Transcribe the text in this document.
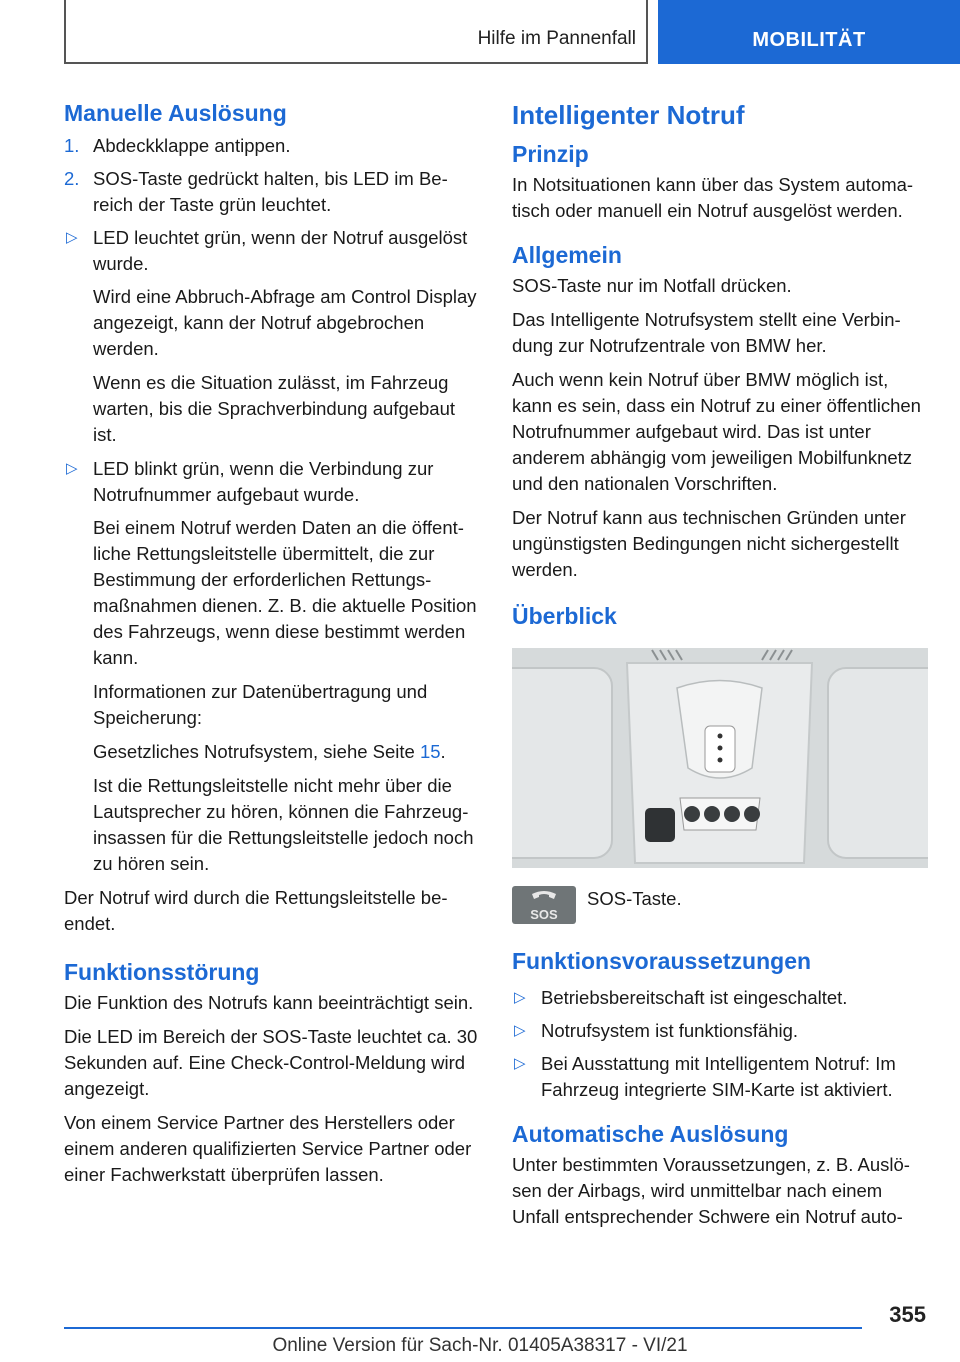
Hilfe im Pannenfall	MOBILITÄT
Manuelle Auslösung
1. Abdeckklappe antippen.
2. SOS-Taste gedrückt halten, bis LED im Bereich der Taste grün leuchtet.
▷ LED leuchtet grün, wenn der Notruf ausgelöst wurde.

Wird eine Abbruch-Abfrage am Control Display angezeigt, kann der Notruf abgebrochen werden.

Wenn es die Situation zulässt, im Fahrzeug warten, bis die Sprachverbindung aufgebaut ist.

▷ LED blinkt grün, wenn die Verbindung zur Notrufnummer aufgebaut wurde.

Bei einem Notruf werden Daten an die öffentliche Rettungsleitstelle übermittelt, die zur Bestimmung der erforderlichen Rettungsmaßnahmen dienen. Z. B. die aktuelle Position des Fahrzeugs, wenn diese bestimmt werden kann.

Informationen zur Datenübertragung und Speicherung:

Gesetzliches Notrufsystem, siehe Seite 15.

Ist die Rettungsleitstelle nicht mehr über die Lautsprecher zu hören, können die Fahrzeuginsassen für die Rettungsleitstelle jedoch noch zu hören sein.

Der Notruf wird durch die Rettungsleitstelle beendet.

Funktionsstörung

Die Funktion des Notrufs kann beeinträchtigt sein.

Die LED im Bereich der SOS-Taste leuchtet ca. 30 Sekunden auf. Eine Check-Control-Meldung wird angezeigt.

Von einem Service Partner des Herstellers oder einem anderen qualifizierten Service Partner oder einer Fachwerkstatt überprüfen lassen.

Intelligenter Notruf
Prinzip

In Notsituationen kann über das System automatisch oder manuell ein Notruf ausgelöst werden.

Allgemein

SOS-Taste nur im Notfall drücken.

Das Intelligente Notrufsystem stellt eine Verbindung zur Notrufzentrale von BMW her.

Auch wenn kein Notruf über BMW möglich ist, kann es sein, dass ein Notruf zu einer öffentlichen Notrufnummer aufgebaut wird. Das ist unter anderem abhängig vom jeweiligen Mobilfunknetz und den nationalen Vorschriften.

Der Notruf kann aus technischen Gründen unter ungünstigsten Bedingungen nicht sichergestellt werden.

Überblick
SOS
SOS-Taste.
Funktionsvoraussetzungen
▷ Betriebsbereitschaft ist eingeschaltet.
▷ Notrufsystem ist funktionsfähig.
▷ Bei Ausstattung mit Intelligentem Notruf: Im Fahrzeug integrierte SIM-Karte ist aktiviert.
Automatische Auslösung

Unter bestimmten Voraussetzungen, z. B. Auslösen der Airbags, wird unmittelbar nach einem Unfall entsprechender Schwere ein Notruf auto-

355
Online Version für Sach-Nr. 01405A38317 - VI/21
